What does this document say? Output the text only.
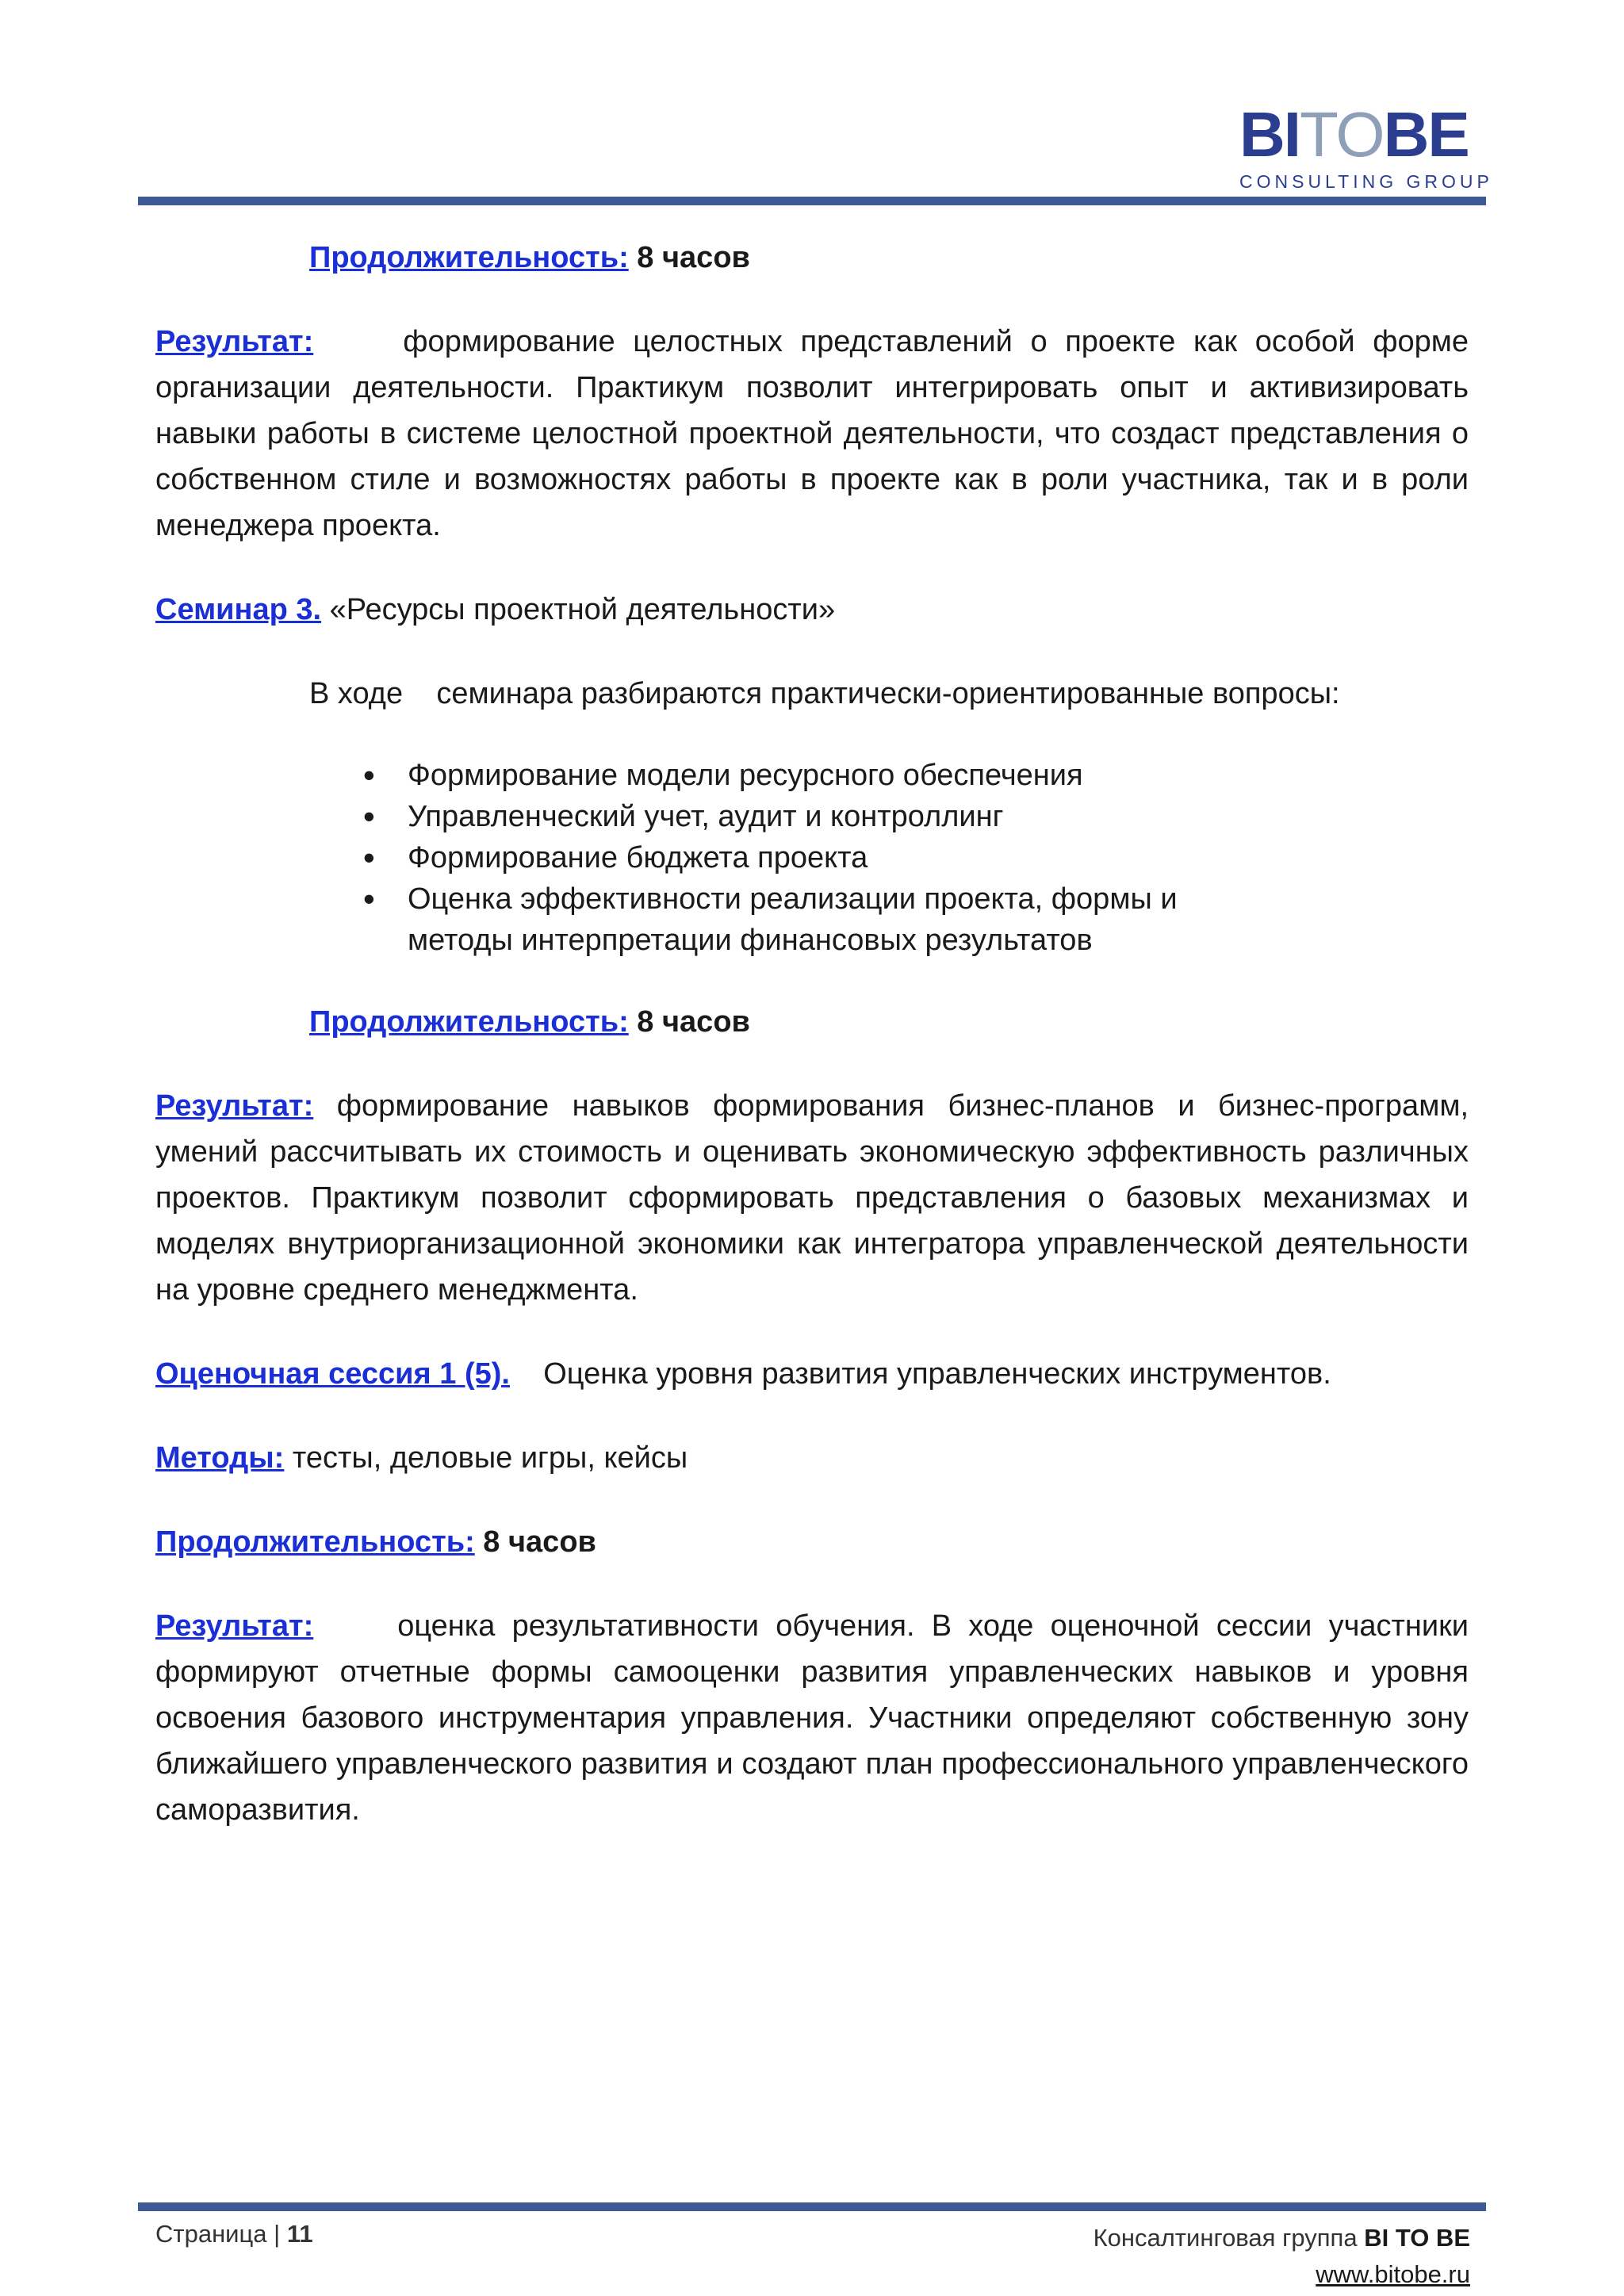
BITOBE
CONSULTING GROUP

Продолжительность: 8 часов

Результат:	формирование целостных представлений о проекте как особой форме организации деятельности. Практикум позволит интегрировать опыт и активизировать навыки работы в системе целостной проектной деятельности, что создаст представления о собственном стиле и возможностях работы в проекте как в роли участника, так и в роли менеджера проекта.

Семинар 3. «Ресурсы проектной деятельности»

В ходе    семинара разбираются практически-ориентированные вопросы:

• Формирование модели ресурсного обеспечения
• Управленческий учет, аудит и контроллинг
• Формирование бюджета проекта
• Оценка эффективности реализации проекта, формы и методы интерпретации финансовых результатов

Продолжительность: 8 часов

Результат: формирование навыков формирования бизнес-планов и бизнес-программ, умений рассчитывать их стоимость и оценивать экономическую эффективность различных проектов. Практикум позволит сформировать представления о базовых механизмах и моделях внутриорганизационной экономики как интегратора управленческой деятельности на уровне среднего менеджмента.

Оценочная сессия 1 (5). Оценка уровня развития управленческих инструментов.

Методы: тесты, деловые игры, кейсы

Продолжительность: 8 часов

Результат:	оценка результативности обучения. В ходе оценочной сессии участники формируют отчетные формы самооценки развития управленческих навыков и уровня освоения базового инструментария управления. Участники определяют собственную зону ближайшего управленческого развития и создают план профессионального управленческого саморазвития.

Страница | 11	Консалтинговая группа BI TO BE
www.bitobe.ru
